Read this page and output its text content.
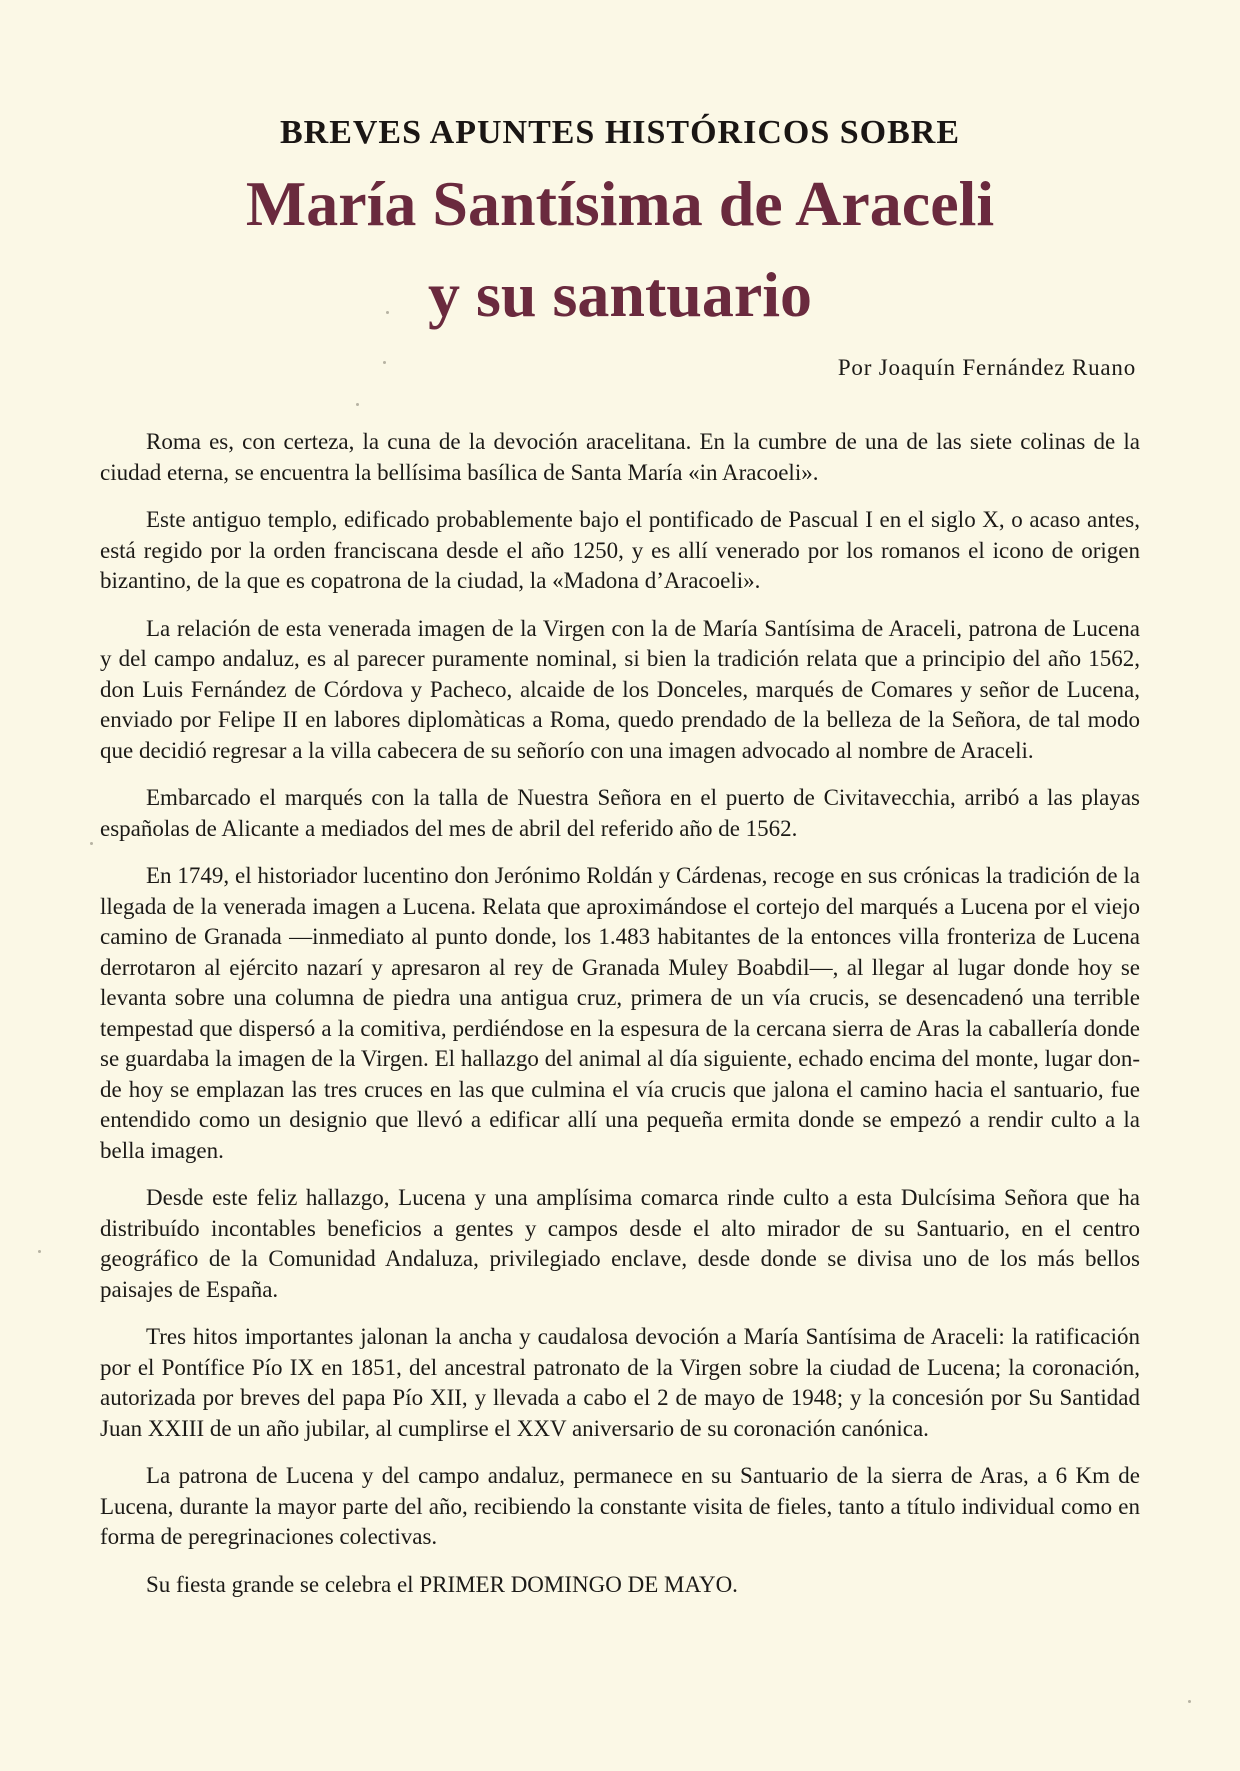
BREVES APUNTES HISTÓRICOS SOBRE
María Santísima de Araceli
y su santuario

Por Joaquín Fernández Ruano

Roma es, con certeza, la cuna de la devoción aracelitana. En la cumbre de una de las siete colinas de la ciudad eterna, se encuentra la bellísima basílica de Santa María «in Aracoeli».

Este antiguo templo, edificado probablemente bajo el pontificado de Pascual I en el siglo X, o acaso antes, está regido por la orden franciscana desde el año 1250, y es allí venerado por los romanos el icono de origen bizantino, de la que es copatrona de la ciudad, la «Madona d’Aracoeli».

La relación de esta venerada imagen de la Virgen con la de María Santísima de Araceli, patrona de Lucena y del campo andaluz, es al parecer puramente nominal, si bien la tradición relata que a principio del año 1562, don Luis Fernández de Córdova y Pacheco, alcaide de los Donceles, marqués de Comares y señor de Lucena, enviado por Felipe II en labores diplomàticas a Roma, quedo prendado de la belleza de la Señora, de tal modo que decidió regresar a la villa cabecera de su señorío con una imagen advocado al nombre de Araceli.

Embarcado el marqués con la talla de Nuestra Señora en el puerto de Civitavecchia, arribó a las playas españolas de Alicante a mediados del mes de abril del referido año de 1562.

En 1749, el historiador lucentino don Jerónimo Roldán y Cárdenas, recoge en sus crónicas la tradición de la llegada de la venerada imagen a Lucena. Relata que aproximándose el cortejo del marqués a Lucena por el viejo camino de Granada —inmediato al punto donde, los 1.483 habitantes de la entonces villa fronteriza de Lucena derrotaron al ejército nazarí y apresaron al rey de Granada Muley Boabdil—, al llegar al lugar donde hoy se levanta sobre una columna de piedra una antigua cruz, primera de un vía crucis, se desencadenó una terrible tempestad que dispersó a la comitiva, perdiéndose en la espesura de la cercana sierra de Aras la caballería donde se guardaba la imagen de la Virgen. El hallazgo del animal al día siguiente, echado encima del monte, lugar donde hoy se emplazan las tres cruces en las que culmina el vía crucis que jalona el camino hacia el santuario, fue entendido como un designio que llevó a edificar allí una pequeña ermita donde se empezó a rendir culto a la bella imagen.

Desde este feliz hallazgo, Lucena y una amplísima comarca rinde culto a esta Dulcísima Señora que ha distribuído incontables beneficios a gentes y campos desde el alto mirador de su Santuario, en el centro geográfico de la Comunidad Andaluza, privilegiado enclave, desde donde se divisa uno de los más bellos paisajes de España.

Tres hitos importantes jalonan la ancha y caudalosa devoción a María Santísima de Araceli: la ratificación por el Pontífice Pío IX en 1851, del ancestral patronato de la Virgen sobre la ciudad de Lucena; la coronación, autorizada por breves del papa Pío XII, y llevada a cabo el 2 de mayo de 1948; y la concesión por Su Santidad Juan XXIII de un año jubilar, al cumplirse el XXV aniversario de su coronación canónica.

La patrona de Lucena y del campo andaluz, permanece en su Santuario de la sierra de Aras, a 6 Km de Lucena, durante la mayor parte del año, recibiendo la constante visita de fieles, tanto a título individual como en forma de peregrinaciones colectivas.

Su fiesta grande se celebra el PRIMER DOMINGO DE MAYO.
